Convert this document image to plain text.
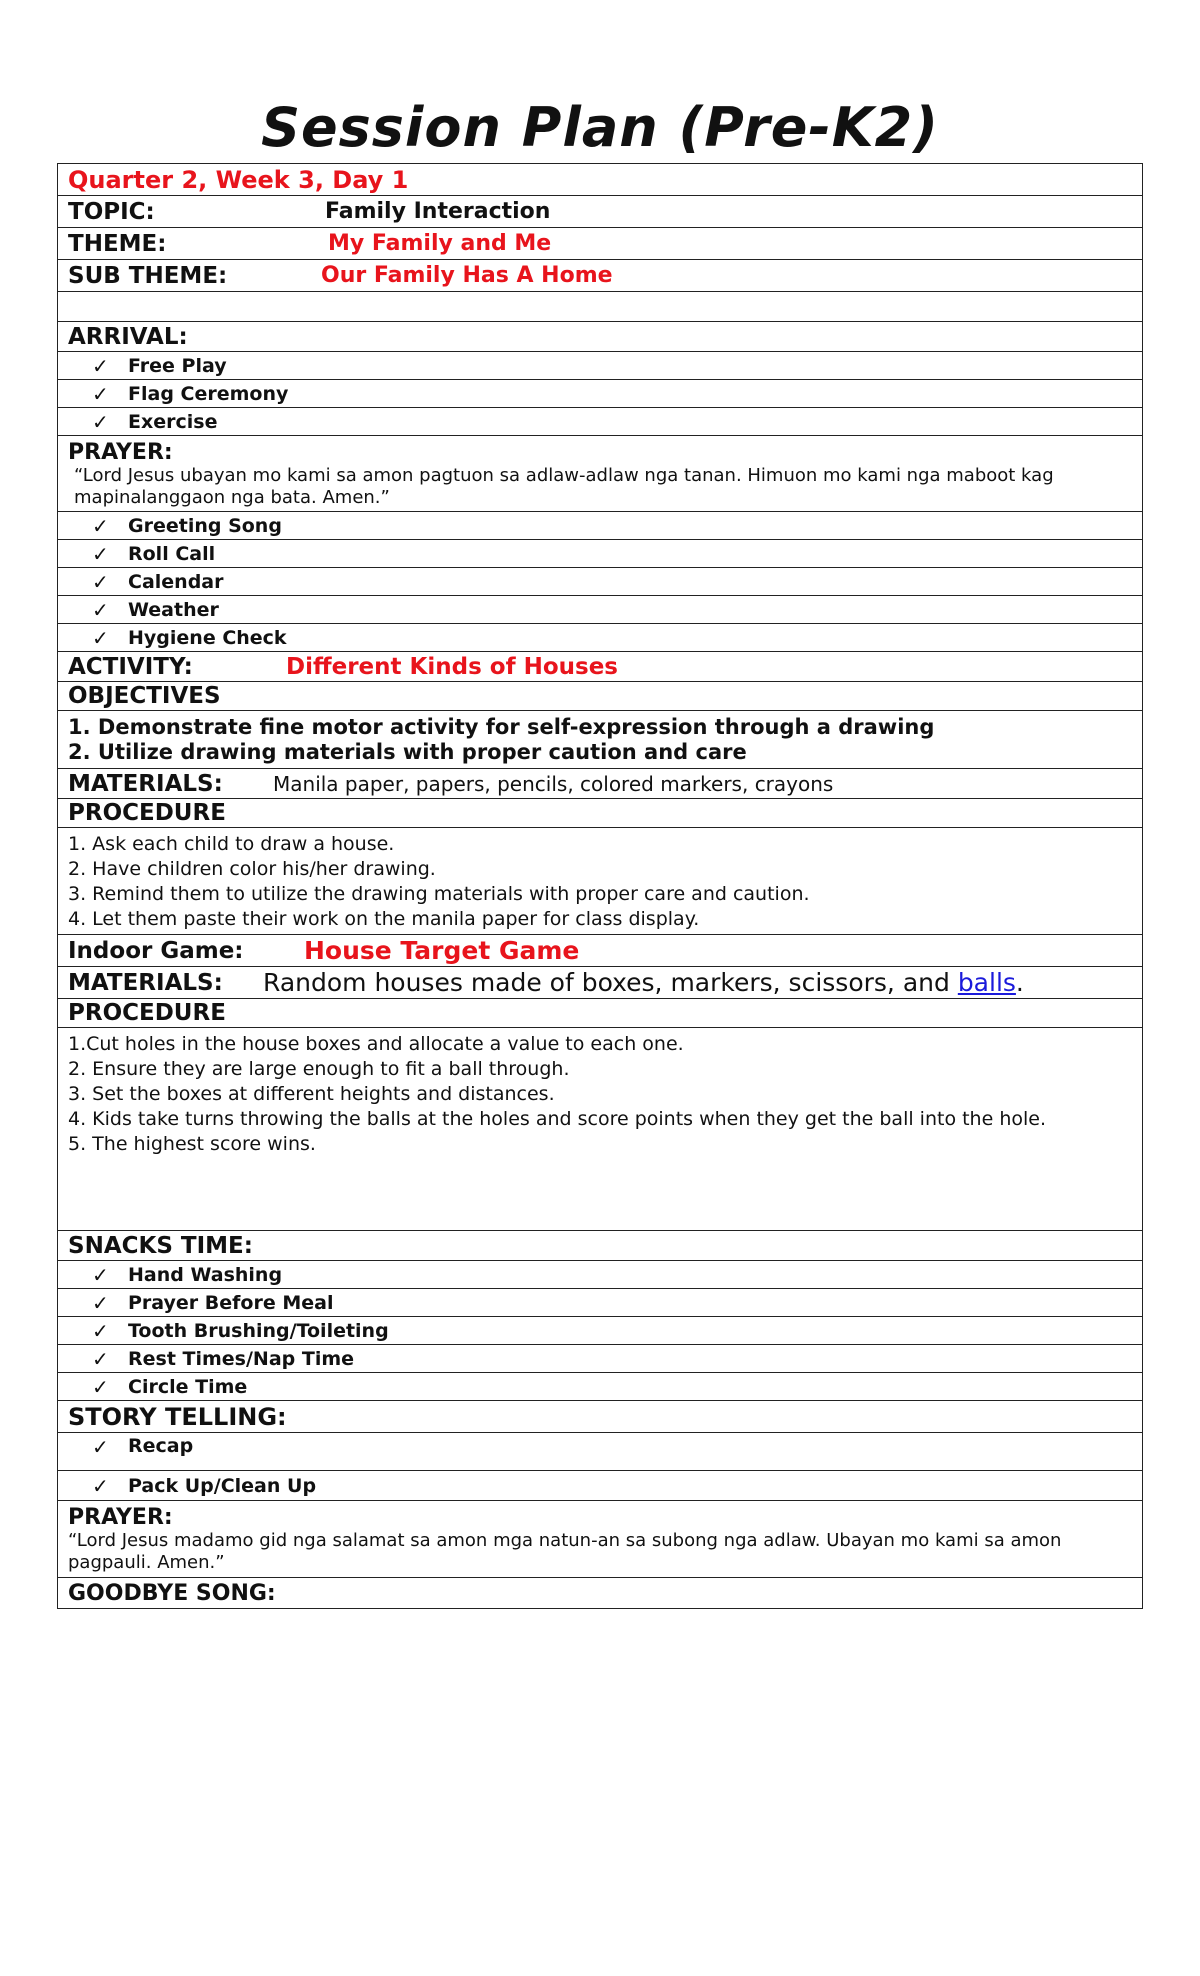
Session Plan (Pre-K2)
Quarter 2, Week 3, Day 1
TOPIC:	Family Interaction
THEME:	My Family and Me
SUB THEME:	Our Family Has A Home
ARRIVAL:
✓	Free Play
✓	Flag Ceremony
✓	Exercise
PRAYER:
“Lord Jesus ubayan mo kami sa amon pagtuon sa adlaw-adlaw nga tanan. Himuon mo kami nga maboot kag mapinalanggaon nga bata. Amen.”
✓	Greeting Song
✓	Roll Call
✓	Calendar
✓	Weather
✓	Hygiene Check
ACTIVITY:	Different Kinds of Houses
OBJECTIVES
1. Demonstrate fine motor activity for self-expression through a drawing
2. Utilize drawing materials with proper caution and care
MATERIALS:	Manila paper, papers, pencils, colored markers, crayons
PROCEDURE
1. Ask each child to draw a house.
2. Have children color his/her drawing.
3. Remind them to utilize the drawing materials with proper care and caution.
4. Let them paste their work on the manila paper for class display.
Indoor Game:	House Target Game
MATERIALS:	Random houses made of boxes, markers, scissors, and balls.
PROCEDURE
1.Cut holes in the house boxes and allocate a value to each one.
2. Ensure they are large enough to fit a ball through.
3. Set the boxes at different heights and distances.
4. Kids take turns throwing the balls at the holes and score points when they get the ball into the hole.
5. The highest score wins.
SNACKS TIME:
✓	Hand Washing
✓	Prayer Before Meal
✓	Tooth Brushing/Toileting
✓	Rest Times/Nap Time
✓	Circle Time
STORY TELLING:
✓	Recap
✓	Pack Up/Clean Up
PRAYER:
“Lord Jesus madamo gid nga salamat sa amon mga natun-an sa subong nga adlaw. Ubayan mo kami sa amon pagpauli. Amen.”
GOODBYE SONG:
